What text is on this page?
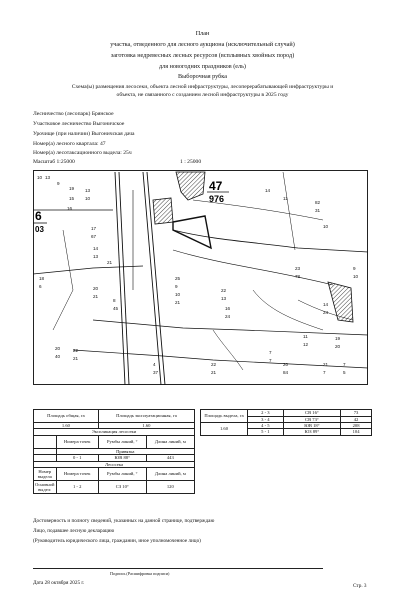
План
участка, отведенного для лесного аукциона (исключительный случай)
заготовка недревесных лесных ресурсов (всплывных хвойных пород)
для новогодних праздников (ель)
Выборочная рубка
Схема(ы) размещения лесосеки, объекта лесной инфраструктуры, лесоперерабатывающей инфраструктуры и
объекта, не связанного с созданием лесной инфраструктуры в 2025 году
Лесничество (лесопарк) Брянское
Участковое лесничество Выгоничское
Урочище (при наличии) Выгоничская дача
Номер(а) лесного квартала: 47
Номер(а) лесотаксационного выдела: 25ч
Масштаб 1:25000	1 : 25000
47
976
6
03
10 13
9
19
15
16
13
10
14
11
17
67
14
13
21
18
6
82
31
10
20
21
8
45
23
78
14
24
16
24
20
40
22
21
4
37
22
21
20
84
21
7
7
5
9
10
22
13
25
9
10
21
11
12
7
7
19
20
Площадь общая, га		Площадь эксплуатационная, га	
1.60		1.60	
Экспликация лесосеки			
	Номера точек	Румбы линий, °	Длина линий, м
	Привязка		
	0 - 1	ЮВ 88°	443
Лесосека			
Номер выдела	Номера точек	Румбы линий, °	Длина линий, м
Основной выдел:	1 - 2	СЗ 10°	120
Площадь выдела, га	2 - 3	СВ 16°	73
	3 - 4	СВ 73°	42
1.60	4 - 5	ЮВ 18°	208
	5 - 1	ЮЗ 89°	104
Достоверность и полноту сведений, указанных на данной странице, подтверждаю
Лицо, подавшее лесную декларацию
(Руководитель юридического лица, гражданин, иное уполномоченное лицо)
Подпись (Расшифровка подписи)
Дата 28 октября 2025 г.	Стр. 3
